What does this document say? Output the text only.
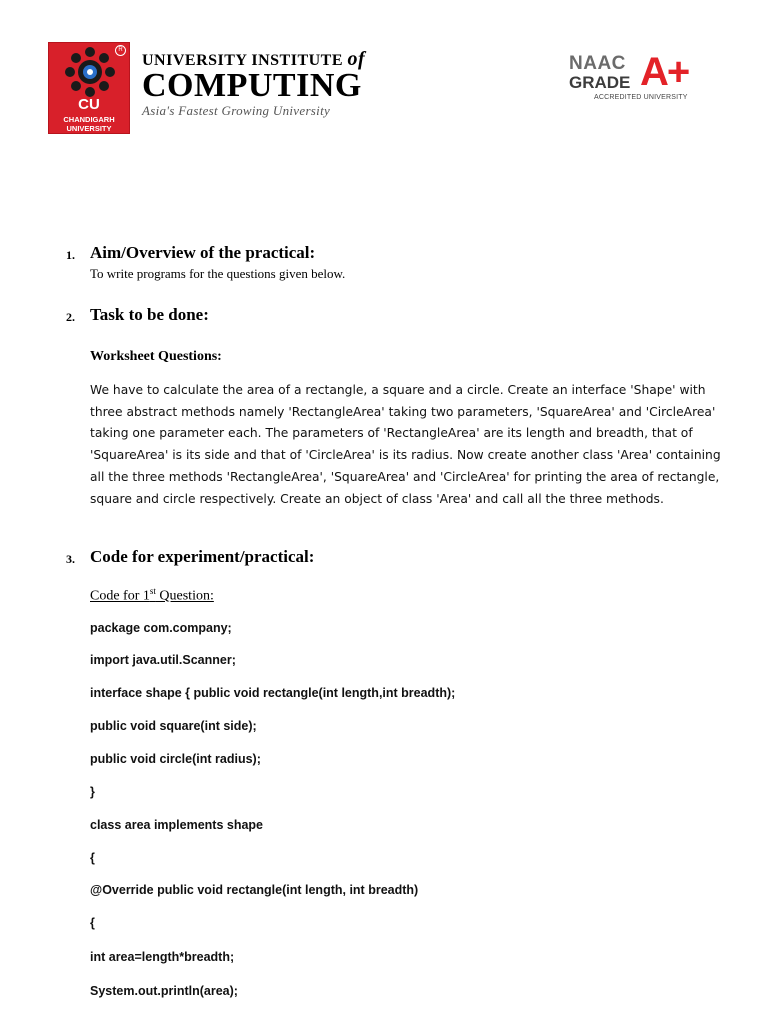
R
CU
CHANDIGARH
UNIVERSITY
UNIVERSITY INSTITUTE of
COMPUTING
Asia's Fastest Growing University
NAAC
GRADE A+
ACCREDITED UNIVERSITY
1. Aim/Overview of the practical:
To write programs for the questions given below.
2. Task to be done:
Worksheet Questions:
We have to calculate the area of a rectangle, a square and a circle. Create an interface 'Shape' with
three abstract methods namely 'RectangleArea' taking two parameters, 'SquareArea' and 'CircleArea'
taking one parameter each. The parameters of 'RectangleArea' are its length and breadth, that of
'SquareArea' is its side and that of 'CircleArea' is its radius. Now create another class 'Area' containing
all the three methods 'RectangleArea', 'SquareArea' and 'CircleArea' for printing the area of rectangle,
square and circle respectively. Create an object of class 'Area' and call all the three methods.
3. Code for experiment/practical:
Code for 1st Question:
package com.company;
import java.util.Scanner;
interface shape { public void rectangle(int length,int breadth);
public void square(int side);
public void circle(int radius);
}
class area implements shape
{
@Override public void rectangle(int length, int breadth)
{
int area=length*breadth;
System.out.println(area);
